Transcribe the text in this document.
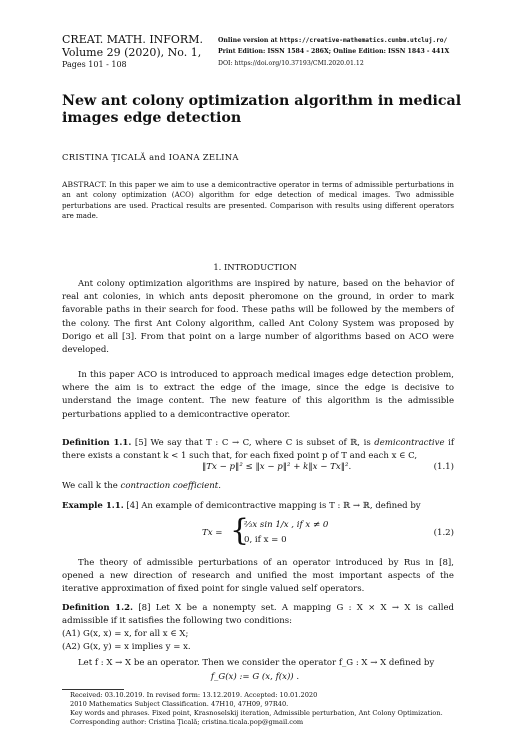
CREAT. MATH. INFORM.
Volume 29 (2020), No. 1,
Pages 101 - 108
Online version at https://creative-mathematics.cunbm.utcluj.ro/
Print Edition: ISSN 1584 - 286X; Online Edition: ISSN 1843 - 441X
DOI: https://doi.org/10.37193/CMI.2020.01.12
New ant colony optimization algorithm in medical images edge detection
CRISTINA ŢICALĂ and IOANA ZELINA
ABSTRACT. In this paper we aim to use a demicontractive operator in terms of admissible perturbations in an ant colony optimization (ACO) algorithm for edge detection of medical images. Two admissible perturbations are used. Practical results are presented. Comparison with results using different operators are made.
1. INTRODUCTION
Ant colony optimization algorithms are inspired by nature, based on the behavior of real ant colonies, in which ants deposit pheromone on the ground, in order to mark favorable paths in their search for food. These paths will be followed by the members of the colony. The first Ant Colony algorithm, called Ant Colony System was proposed by Dorigo et all [3]. From that point on a large number of algorithms based on ACO were developed.
In this paper ACO is introduced to approach medical images edge detection problem, where the aim is to extract the edge of the image, since the edge is decisive to understand the image content. The new feature of this algorithm is the admissible perturbations applied to a demicontractive operator.
Definition 1.1. [5] We say that T : C → C, where C is subset of ℝ, is demicontractive if there exists a constant k < 1 such that, for each fixed point p of T and each x ∈ C,
‖Tx − p‖² ≤ ‖x − p‖² + k‖x − Tx‖².	(1.1)
We call k the contraction coefficient.
Example 1.1. [4] An example of demicontractive mapping is T : ℝ → ℝ, defined by
Tx = {
⅔x sin 1/x , if x ≠ 0
0, if x = 0
(1.2)
The theory of admissible perturbations of an operator introduced by Rus in [8], opened a new direction of research and unified the most important aspects of the iterative approximation of fixed point for single valued self operators.
Definition 1.2. [8] Let X be a nonempty set. A mapping G : X × X → X is called admissible if it satisfies the following two conditions:
(A1) G(x, x) = x, for all x ∈ X;
(A2) G(x, y) = x implies y = x.
Let f : X → X be an operator. Then we consider the operator f_G : X → X defined by
f_G(x) := G (x, f(x)) .
Received: 03.10.2019. In revised form: 13.12.2019. Accepted: 10.01.2020
2010 Mathematics Subject Classification. 47H10, 47H09, 97R40.
Key words and phrases. Fixed point, Krasnoselskij iteration, Admissible perturbation, Ant Colony Optimization.
Corresponding author: Cristina Ţicală; cristina.ticala.pop@gmail.com
